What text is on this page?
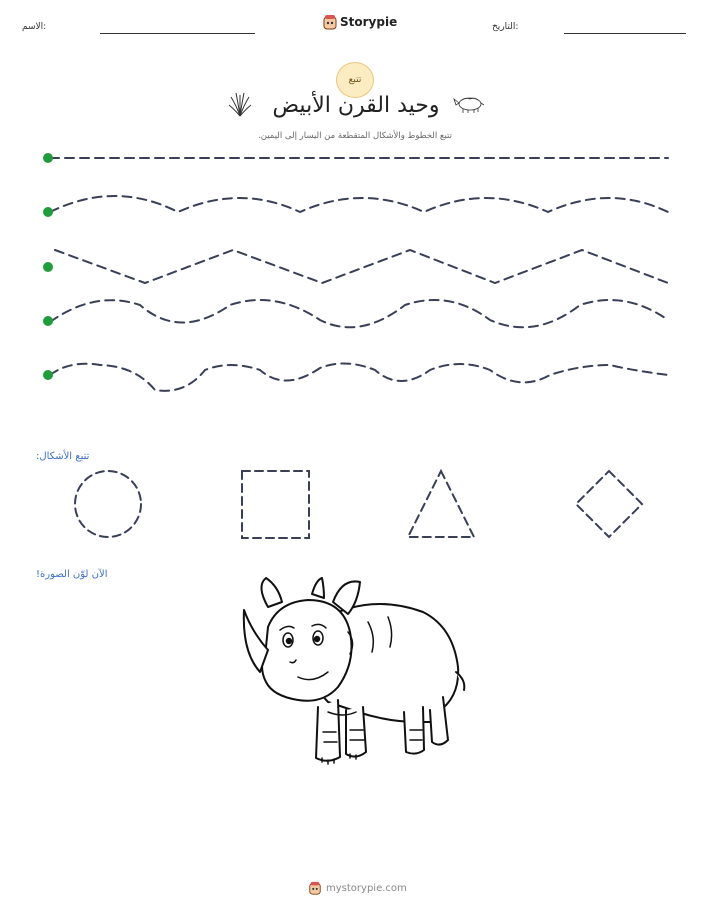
الاسم:	Storypie	التاريخ:
تتبع
وحيد القرن الأبيض
تتبع الخطوط والأشكال المتقطعة من اليسار إلى اليمين.
تتبع الأشكال:
الآن لوّن الصورة!
mystorypie.com
